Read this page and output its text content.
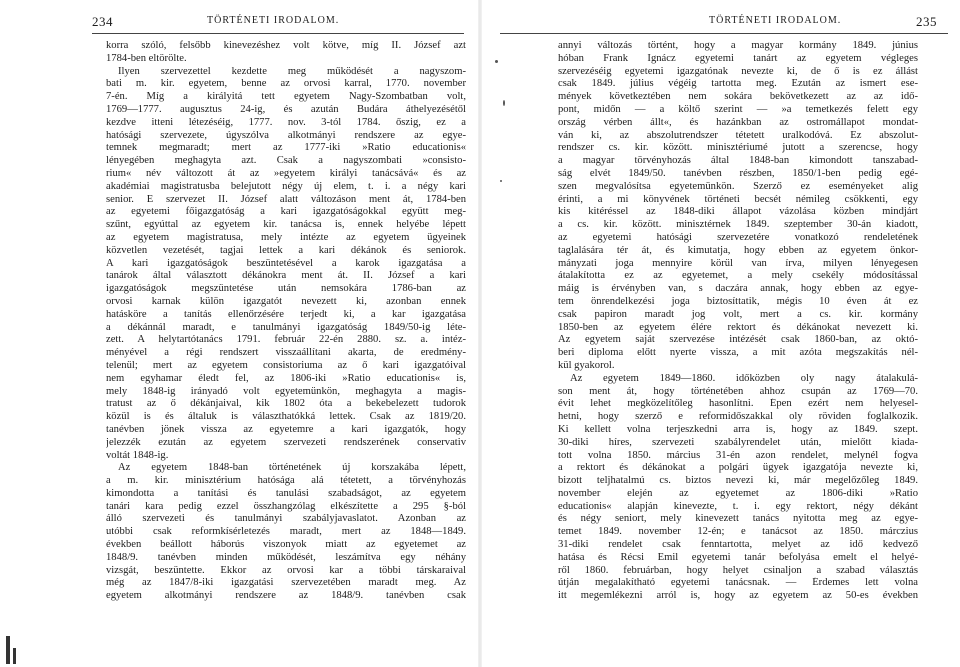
234	TÖRTÉNETI IRODALOM.
korra szóló, felsőbb kinevezéshez volt kötve, míg II. József azt
1784-ben eltörölte.
Ilyen szervezettel kezdette meg működését a nagyszom-
bati m. kir. egyetem, benne az orvosi karral, 1770. november
7-én. Míg a királyitá tett egyetem Nagy-Szombatban volt,
1769—1777. augusztus 24-ig, és azután Budára áthelyezésétől
kezdve itteni létezéséig, 1777. nov. 3-tól 1784. őszig, ez a
hatósági szervezete, úgyszólva alkotmányi rendszere az egye-
temnek megmaradt; mert az 1777-iki »Ratio educationis«
lényegében meghagyta azt. Csak a nagyszombati »consisto-
rium« név változott át az »egyetem királyi tanácsává« és az
akadémiai magistratusba belejutott négy új elem, t. i. a négy kari
senior. E szervezet II. József alatt változáson ment át, 1784-ben
az egyetemi főigazgatóság a kari igazgatóságokkal együtt meg-
szűnt, egyúttal az egyetem kir. tanácsa is, ennek helyébe lépett
az egyetem magistratusa, mely intézte az egyetem ügyeinek
közvetlen vezetését, tagjai lettek a kari dékánok és seniorok.
A kari igazgatóságok beszüntetésével a karok igazgatása a
tanárok által választott dékánokra ment át. II. József a kari
igazgatóságok megszüntetése után nemsokára 1786-ban az
orvosi karnak külön igazgatót nevezett ki, azonban ennek
hatásköre a tanítás ellenőrzésére terjedt ki, a kar igazgatása
a dékánnál maradt, e tanulmányi igazgatóság 1849/50-ig léte-
zett. A helytartótanács 1791. február 22-én 2880. sz. a. intéz-
ményével a régi rendszert visszaállítani akarta, de eredmény-
telenül; mert az egyetem consistoriuma az ő kari igazgatóival
nem egyhamar éledt fel, az 1806-iki »Ratio educationis« is,
mely 1848-ig irányadó volt egyetemünkön, meghagyta a magis-
tratust az ő dékánjaival, kik 1802 óta a bekebelezett tudorok
közül is és általuk is választhatókká lettek. Csak az 1819/20.
tanévben jönek vissza az egyetemre a kari igazgatók, hogy
jelezzék ezután az egyetem szervezeti rendszerének conservativ
voltát 1848-ig.
Az egyetem 1848-ban történetének új korszakába lépett,
a m. kir. minisztérium hatósága alá tétetett, a törvényhozás
kimondotta a tanítási és tanulási szabadságot, az egyetem
tanári kara pedig ezzel összhangzólag elkészítette a 295 §-ból
álló szervezeti és tanulmányi szabályjavaslatot. Azonban az
utóbbi csak reformkísérletezés maradt, mert az 1848—1849.
években beállott háborús viszonyok miatt az egyetemet az
1848/9. tanévben minden működését, leszámítva egy néhány
vizsgát, beszüntette. Ekkor az orvosi kar a többi társkaraival
még az 1847/8-iki igazgatási szervezetében maradt meg. Az
egyetem alkotmányi rendszere az 1848/9. tanévben csak
TÖRTÉNETI IRODALOM.	235
annyi változás történt, hogy a magyar kormány 1849. június
hóban Frank Ignácz egyetemi tanárt az egyetem végleges
szervezéséig egyetemi igazgatónak nevezte ki, de ő is ez állást
csak 1849. július végéig tartotta meg. Ezután az ismert ese-
mények következtében nem sokára bekövetkezett az az idő-
pont, midőn — a költő szerint — »a temetkezés felett egy
ország vérben állt«, és hazánkban az ostromállapot mondat-
ván ki, az abszolutrendszer tétetett uralkodóvá. Ez abszolut-
rendszer cs. kir. között. minisztériumé jutott a szerencse, hogy
a magyar törvényhozás által 1848-ban kimondott tanszabad-
ság elvét 1849/50. tanévben részben, 1850/1-ben pedig egé-
szen megvalósítsa egyetemünkön. Szerző ez eseményeket alig
érinti, a mi könyvének történeti becsét némileg csökkenti, egy
kis kitéréssel az 1848-diki állapot vázolása közben mindjárt
a cs. kir. között. minisztérnek 1849. szeptember 30-án kiadott,
az egyetemi hatósági szervezetére vonatkozó rendeletének
taglalására tér át, és kimutatja, hogy ebben az egyetem önkor-
mányzati joga mennyire körül van írva, milyen lényegesen
átalakította ez az egyetemet, a mely csekély módosítással
máig is érvényben van, s daczára annak, hogy ebben az egye-
tem önrendelkezési joga biztosíttatik, mégis 10 éven át ez
csak papiron maradt jog volt, mert a cs. kir. kormány
1850-ben az egyetem élére rektort és dékánokat nevezett ki.
Az egyetem saját szervezése intézését csak 1860-ban, az októ-
beri diploma előtt nyerte vissza, a mit azóta megszakítás nél-
kül gyakorol.
Az egyetem 1849—1860. időközben oly nagy átalakulá-
son ment át, hogy történetében ahhoz csupán az 1769—70.
évit lehet megközelítőleg hasonlítni. Épen ezért nem helyesel-
hetni, hogy szerző e reformidőszakkal oly röviden foglalkozik.
Ki kellett volna terjeszkedni arra is, hogy az 1849. szept.
30-diki híres, szervezeti szabályrendelet után, mielőtt kiada-
tott volna 1850. március 31-én azon rendelet, melynél fogva
a rektort és dékánokat a polgári ügyek igazgatója nevezte ki,
bizott teljhatalmú cs. biztos nevezi ki, már megelőzőleg 1849.
november elején az egyetemet az 1806-diki »Ratio
educationis« alapján kinevezte, t. i. egy rektort, négy dékánt
és négy seniort, mely kinevezett tanács nyitotta meg az egye-
temet 1849. november 12-én; e tanácsot az 1850. márczius
31-diki rendelet csak fenntartotta, melyet az idő kedvező
hatása és Récsi Emil egyetemi tanár befolyása emelt el helyé-
ről 1860. februárban, hogy helyet csinaljon a szabad választás
útján megalakítható egyetemi tanácsnak. — Érdemes lett volna
itt megemlékezni arról is, hogy az egyetem az 50-es években
